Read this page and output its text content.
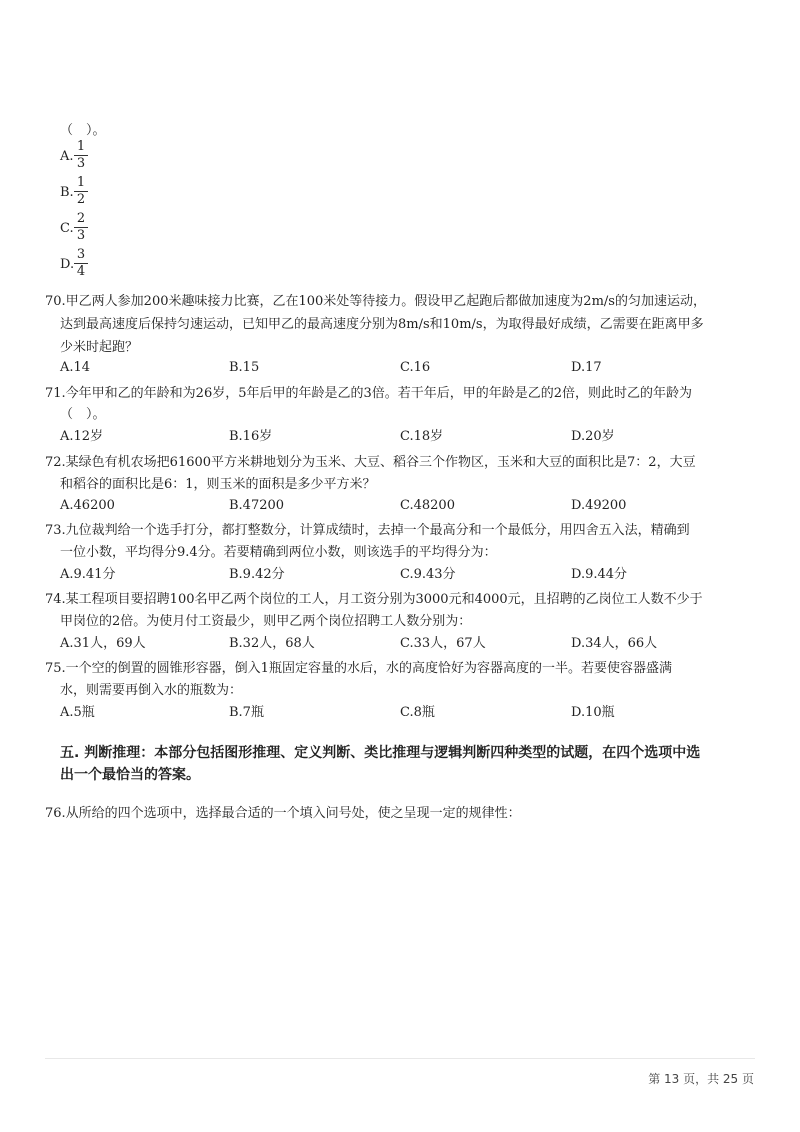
（　）。
A.
1
3
B.
1
2
C.
2
3
D.
3
4
70.甲乙两人参加200米趣味接力比赛，乙在100米处等待接力。假设甲乙起跑后都做加速度为2m/s的匀加速运动，
达到最高速度后保持匀速运动，已知甲乙的最高速度分别为8m/s和10m/s，为取得最好成绩，乙需要在距离甲多
少米时起跑？
A.14	B.15	C.16	D.17
71.今年甲和乙的年龄和为26岁，5年后甲的年龄是乙的3倍。若干年后，甲的年龄是乙的2倍，则此时乙的年龄为
（　）。
A.12岁	B.16岁	C.18岁	D.20岁
72.某绿色有机农场把61600平方米耕地划分为玉米、大豆、稻谷三个作物区，玉米和大豆的面积比是7：2，大豆
和稻谷的面积比是6：1，则玉米的面积是多少平方米？
A.46200	B.47200	C.48200	D.49200
73.九位裁判给一个选手打分，都打整数分，计算成绩时，去掉一个最高分和一个最低分，用四舍五入法，精确到
一位小数，平均得分9.4分。若要精确到两位小数，则该选手的平均得分为：
A.9.41分	B.9.42分	C.9.43分	D.9.44分
74.某工程项目要招聘100名甲乙两个岗位的工人，月工资分别为3000元和4000元，且招聘的乙岗位工人数不少于
甲岗位的2倍。为使月付工资最少，则甲乙两个岗位招聘工人数分别为：
A.31人，69人	B.32人，68人	C.33人，67人	D.34人，66人
75.一个空的倒置的圆锥形容器，倒入1瓶固定容量的水后，水的高度恰好为容器高度的一半。若要使容器盛满
水，则需要再倒入水的瓶数为：
A.5瓶	B.7瓶	C.8瓶	D.10瓶
五. 判断推理：本部分包括图形推理、定义判断、类比推理与逻辑判断四种类型的试题，在四个选项中选
出一个最恰当的答案。
76.从所给的四个选项中，选择最合适的一个填入问号处，使之呈现一定的规律性：
第 13 页，共 25 页
